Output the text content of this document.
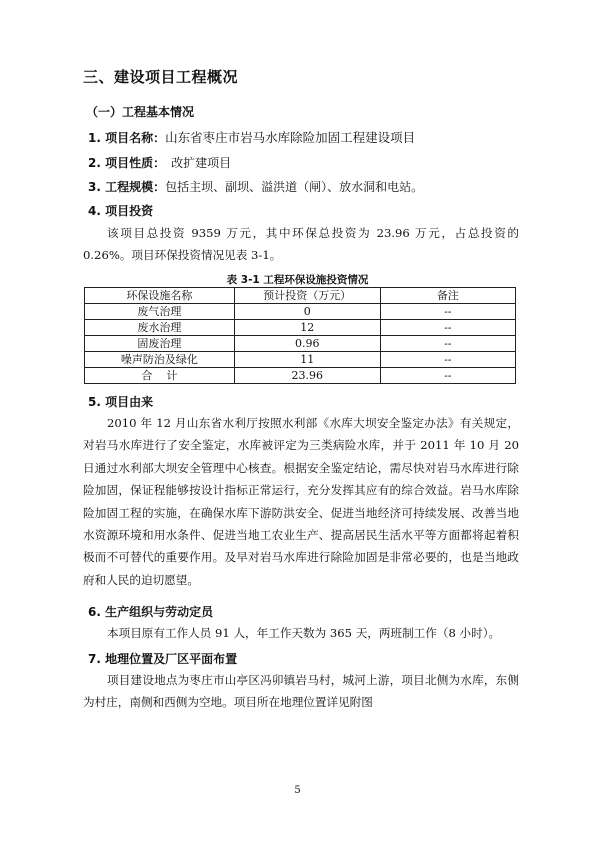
三、建设项目工程概况
（一）工程基本情况
1. 项目名称：山东省枣庄市岩马水库除险加固工程建设项目
2. 项目性质： 改扩建项目
3. 工程规模：包括主坝、副坝、溢洪道（闸）、放水洞和电站。
4. 项目投资

该项目总投资 9359 万元，其中环保总投资为 23.96 万元，占总投资的 0.26%。项目环保投资情况见表 3-1。

表 3-1 工程环保设施投资情况
环保设施名称	预计投资（万元）	备注
废气治理	0	--
废水治理	12	--
固废治理	0.96	--
噪声防治及绿化	11	--
合    计	23.96	--
5. 项目由来

2010 年 12 月山东省水利厅按照水利部《水库大坝安全鉴定办法》有关规定，对岩马水库进行了安全鉴定，水库被评定为三类病险水库，并于 2011 年 10 月 20 日通过水利部大坝安全管理中心核查。根据安全鉴定结论，需尽快对岩马水库进行除险加固，保证程能够按设计指标正常运行，充分发挥其应有的综合效益。岩马水库除险加固工程的实施，在确保水库下游防洪安全、促进当地经济可持续发展、改善当地水资源环境和用水条件、促进当地工农业生产、提高居民生活水平等方面都将起着积极而不可替代的重要作用。及早对岩马水库进行除险加固是非常必要的，也是当地政府和人民的迫切愿望。

6. 生产组织与劳动定员

本项目原有工作人员 91 人，年工作天数为 365 天，两班制工作（8 小时）。

7. 地理位置及厂区平面布置

项目建设地点为枣庄市山亭区冯卯镇岩马村，城河上游，项目北侧为水库，东侧为村庄，南侧和西侧为空地。项目所在地理位置详见附图

5
